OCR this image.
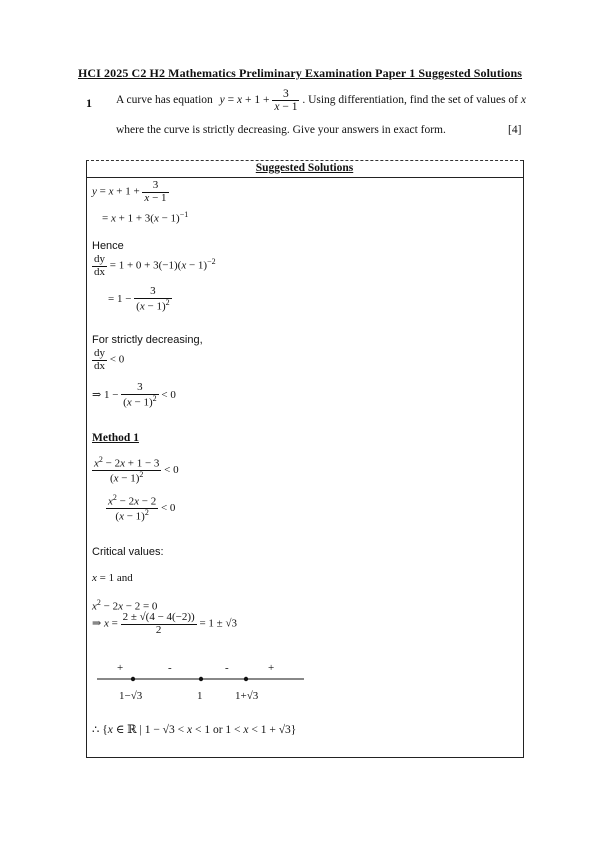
HCI 2025 C2 H2 Mathematics Preliminary Examination Paper 1 Suggested Solutions
1 A curve has equation $y = x + 1 + \frac{3}{x - 1}$ . Using differentiation, find the set of values of x
where the curve is strictly decreasing. Give your answers in exact form.	[4]
Suggested Solutions
$y = x + 1 + \frac{3}{x - 1}$
= $x + 1 + 3(x - 1)^{-1}$
Hence
$\frac{dy}{dx} = 1 + 0 + 3(-1)(x - 1)^{-2}$
= $1 - \frac{3}{(x - 1)^2}$
For strictly decreasing,
$\frac{dy}{dx} < 0$
⇒ $1 - \frac{3}{(x - 1)^2} < 0$
Method 1
$\frac{x^2 - 2x + 1 - 3}{(x - 1)^2} < 0$
$\frac{x^2 - 2x - 2}{(x - 1)^2} < 0$
Critical values:
x = 1 and
$x^2 - 2x - 2 = 0$
⇒ $x = \frac{2 \pm √(4 - 4(-2))}{2} = 1 \pm √3$
+	-	-	+
1−√3	1	1+√3
∴ {x ∈ ℝ | 1 − √3 < x < 1 or 1 < x < 1 + √3}
